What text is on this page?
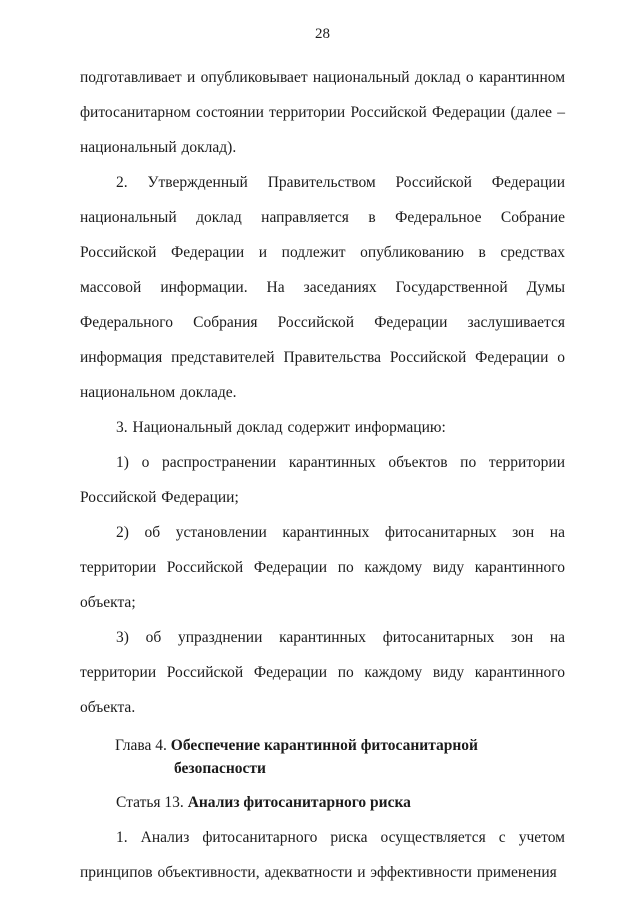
28

подготавливает и опубликовывает национальный доклад о карантинном фитосанитарном состоянии территории Российской Федерации (далее – национальный доклад).

2. Утвержденный Правительством Российской Федерации национальный доклад направляется в Федеральное Собрание Российской Федерации и подлежит опубликованию в средствах массовой информации. На заседаниях Государственной Думы Федерального Собрания Российской Федерации заслушивается информация представителей Правительства Российской Федерации о национальном докладе.

3. Национальный доклад содержит информацию:

1) о распространении карантинных объектов по территории Российской Федерации;

2) об установлении карантинных фитосанитарных зон на территории Российской Федерации по каждому виду карантинного объекта;

3) об упразднении карантинных фитосанитарных зон на территории Российской Федерации по каждому виду карантинного объекта.

Глава 4. Обеспечение карантинной фитосанитарной безопасности

Статья 13. Анализ фитосанитарного риска

1. Анализ фитосанитарного риска осуществляется с учетом принципов объективности, адекватности и эффективности применения
